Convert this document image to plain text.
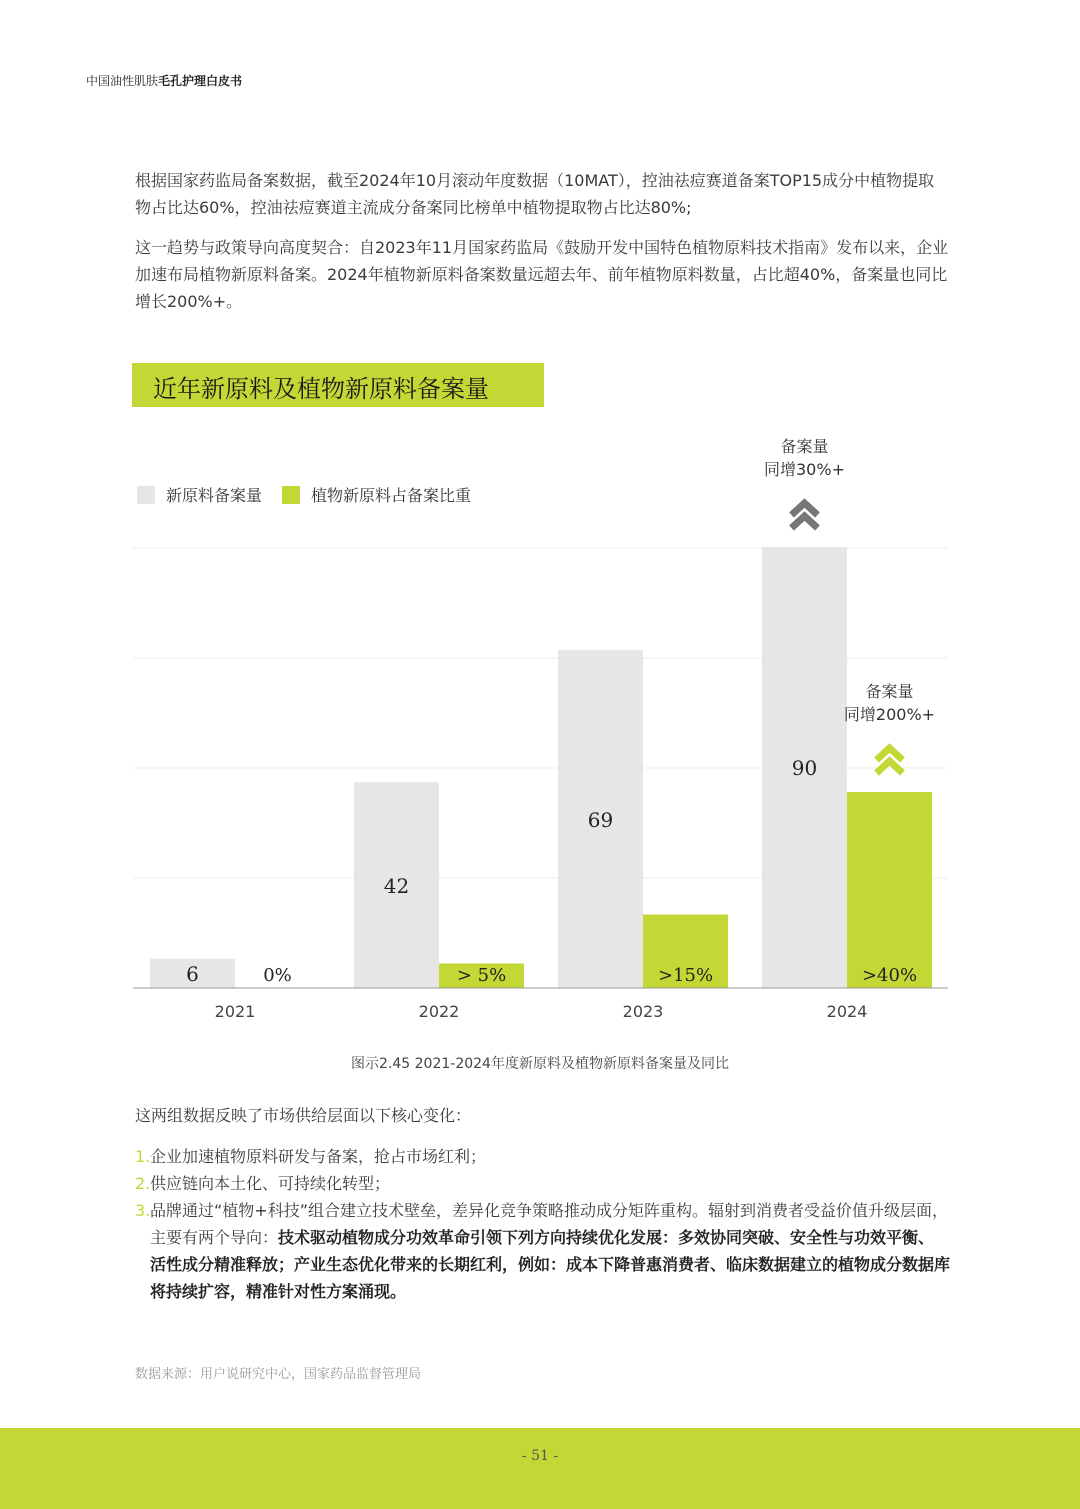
中国油性肌肤毛孔护理白皮书

根据国家药监局备案数据，截至2024年10月滚动年度数据（10MAT），控油祛痘赛道备案TOP15成分中植物提取物占比达60%，控油祛痘赛道主流成分备案同比榜单中植物提取物占比达80%;

这一趋势与政策导向高度契合：自2023年11月国家药监局《鼓励开发中国特色植物原料技术指南》发布以来，企业加速布局植物新原料备案。2024年植物新原料备案数量远超去年、前年植物原料数量，占比超40%，备案量也同比增长200%+。

近年新原料及植物新原料备案量
新原料备案量	植物新原料占备案比重
6	0%
2021
42
> 5%
2022
69
>15%
2023
90
>40%
2024
备案量
同增30%+
备案量
同增200%+
图示2.45 2021-2024年度新原料及植物新原料备案量及同比
这两组数据反映了市场供给层面以下核心变化：
1.企业加速植物原料研发与备案，抢占市场红利；
2.供应链向本土化、可持续化转型；
3. 品牌通过“植物+科技”组合建立技术壁垒，差异化竞争策略推动成分矩阵重构。辐射到消费者受益价值升级层面，主要有两个导向：技术驱动植物成分功效革命引领下列方向持续优化发展：多效协同突破、安全性与功效平衡、活性成分精准释放；产业生态优化带来的长期红利，例如：成本下降普惠消费者、临床数据建立的植物成分数据库将持续扩容，精准针对性方案涌现。
数据来源：用户说研究中心，国家药品监督管理局
- 51 -
